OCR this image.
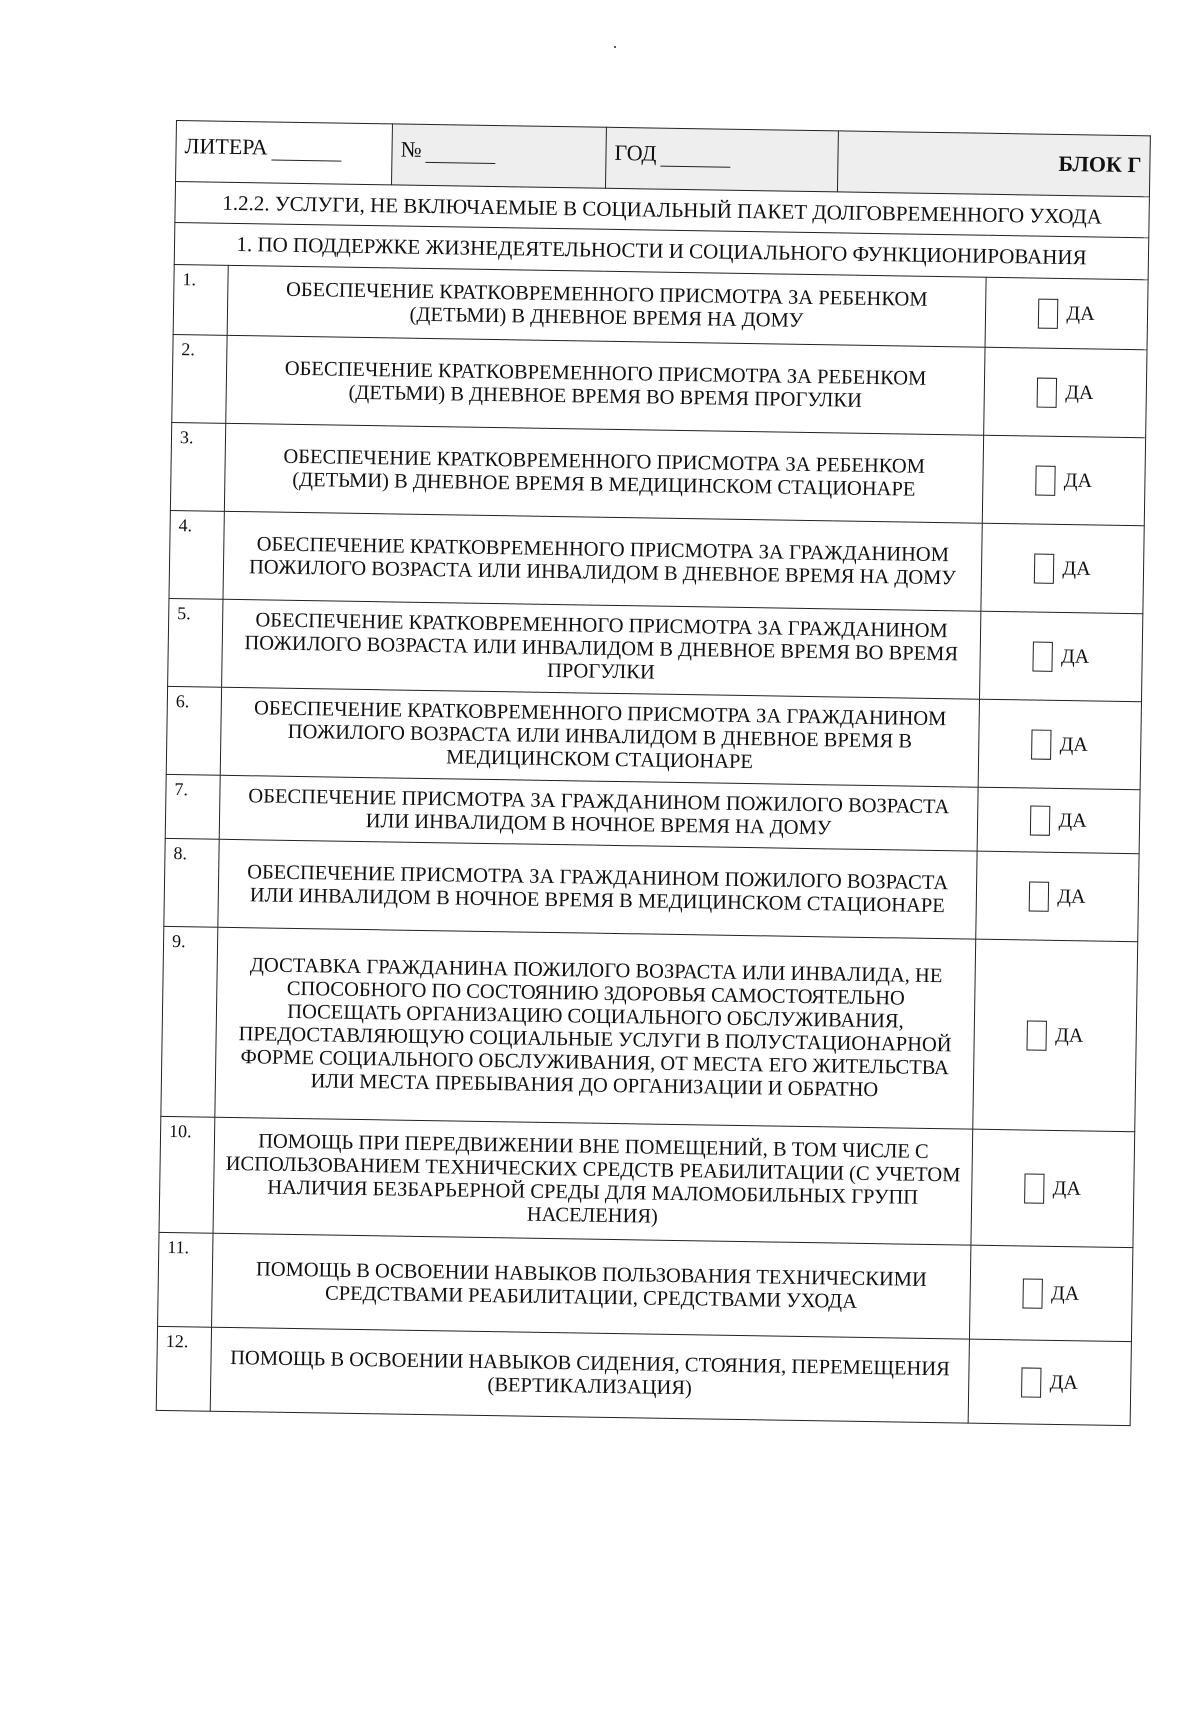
ЛИТЕРА		№	ГОД	БЛОК Г	
1.2.2. УСЛУГИ, НЕ ВКЛЮЧАЕМЫЕ В СОЦИАЛЬНЫЙ ПАКЕТ ДОЛГОВРЕМЕННОГО УХОДА					
1. ПО ПОДДЕРЖКЕ ЖИЗНЕДЕЯТЕЛЬНОСТИ И СОЦИАЛЬНОГО ФУНКЦИОНИРОВАНИЯ					
1.	ОБЕСПЕЧЕНИЕ КРАТКОВРЕМЕННОГО ПРИСМОТРА ЗА РЕБЕНКОМ (ДЕТЬМИ) В ДНЕВНОЕ ВРЕМЯ НА ДОМУ				ДА
2.	ОБЕСПЕЧЕНИЕ КРАТКОВРЕМЕННОГО ПРИСМОТРА ЗА РЕБЕНКОМ (ДЕТЬМИ) В ДНЕВНОЕ ВРЕМЯ ВО ВРЕМЯ ПРОГУЛКИ				ДА
3.	ОБЕСПЕЧЕНИЕ КРАТКОВРЕМЕННОГО ПРИСМОТРА ЗА РЕБЕНКОМ (ДЕТЬМИ) В ДНЕВНОЕ ВРЕМЯ В МЕДИЦИНСКОМ СТАЦИОНАРЕ				ДА
4.	ОБЕСПЕЧЕНИЕ КРАТКОВРЕМЕННОГО ПРИСМОТРА ЗА ГРАЖДАНИНОМ ПОЖИЛОГО ВОЗРАСТА ИЛИ ИНВАЛИДОМ В ДНЕВНОЕ ВРЕМЯ НА ДОМУ				ДА
5.	ОБЕСПЕЧЕНИЕ КРАТКОВРЕМЕННОГО ПРИСМОТРА ЗА ГРАЖДАНИНОМ ПОЖИЛОГО ВОЗРАСТА ИЛИ ИНВАЛИДОМ В ДНЕВНОЕ ВРЕМЯ ВО ВРЕМЯ ПРОГУЛКИ				ДА
6.	ОБЕСПЕЧЕНИЕ КРАТКОВРЕМЕННОГО ПРИСМОТРА ЗА ГРАЖДАНИНОМ ПОЖИЛОГО ВОЗРАСТА ИЛИ ИНВАЛИДОМ В ДНЕВНОЕ ВРЕМЯ В МЕДИЦИНСКОМ СТАЦИОНАРЕ				ДА
7.	ОБЕСПЕЧЕНИЕ ПРИСМОТРА ЗА ГРАЖДАНИНОМ ПОЖИЛОГО ВОЗРАСТА ИЛИ ИНВАЛИДОМ В НОЧНОЕ ВРЕМЯ НА ДОМУ				ДА
8.	ОБЕСПЕЧЕНИЕ ПРИСМОТРА ЗА ГРАЖДАНИНОМ ПОЖИЛОГО ВОЗРАСТА ИЛИ ИНВАЛИДОМ В НОЧНОЕ ВРЕМЯ В МЕДИЦИНСКОМ СТАЦИОНАРЕ				ДА
9.	ДОСТАВКА ГРАЖДАНИНА ПОЖИЛОГО ВОЗРАСТА ИЛИ ИНВАЛИДА, НЕ СПОСОБНОГО ПО СОСТОЯНИЮ ЗДОРОВЬЯ САМОСТОЯТЕЛЬНО ПОСЕЩАТЬ ОРГАНИЗАЦИЮ СОЦИАЛЬНОГО ОБСЛУЖИВАНИЯ, ПРЕДОСТАВЛЯЮЩУЮ СОЦИАЛЬНЫЕ УСЛУГИ В ПОЛУСТАЦИОНАРНОЙ ФОРМЕ СОЦИАЛЬНОГО ОБСЛУЖИВАНИЯ, ОТ МЕСТА ЕГО ЖИТЕЛЬСТВА ИЛИ МЕСТА ПРЕБЫВАНИЯ ДО ОРГАНИЗАЦИИ И ОБРАТНО				ДА
10.	ПОМОЩЬ ПРИ ПЕРЕДВИЖЕНИИ ВНЕ ПОМЕЩЕНИЙ, В ТОМ ЧИСЛЕ С ИСПОЛЬЗОВАНИЕМ ТЕХНИЧЕСКИХ СРЕДСТВ РЕАБИЛИТАЦИИ (С УЧЕТОМ НАЛИЧИЯ БЕЗБАРЬЕРНОЙ СРЕДЫ ДЛЯ МАЛОМОБИЛЬНЫХ ГРУПП НАСЕЛЕНИЯ)				ДА
11.	ПОМОЩЬ В ОСВОЕНИИ НАВЫКОВ ПОЛЬЗОВАНИЯ ТЕХНИЧЕСКИМИ СРЕДСТВАМИ РЕАБИЛИТАЦИИ, СРЕДСТВАМИ УХОДА				ДА
12.	ПОМОЩЬ В ОСВОЕНИИ НАВЫКОВ СИДЕНИЯ, СТОЯНИЯ, ПЕРЕМЕЩЕНИЯ (ВЕРТИКАЛИЗАЦИЯ)				ДА
